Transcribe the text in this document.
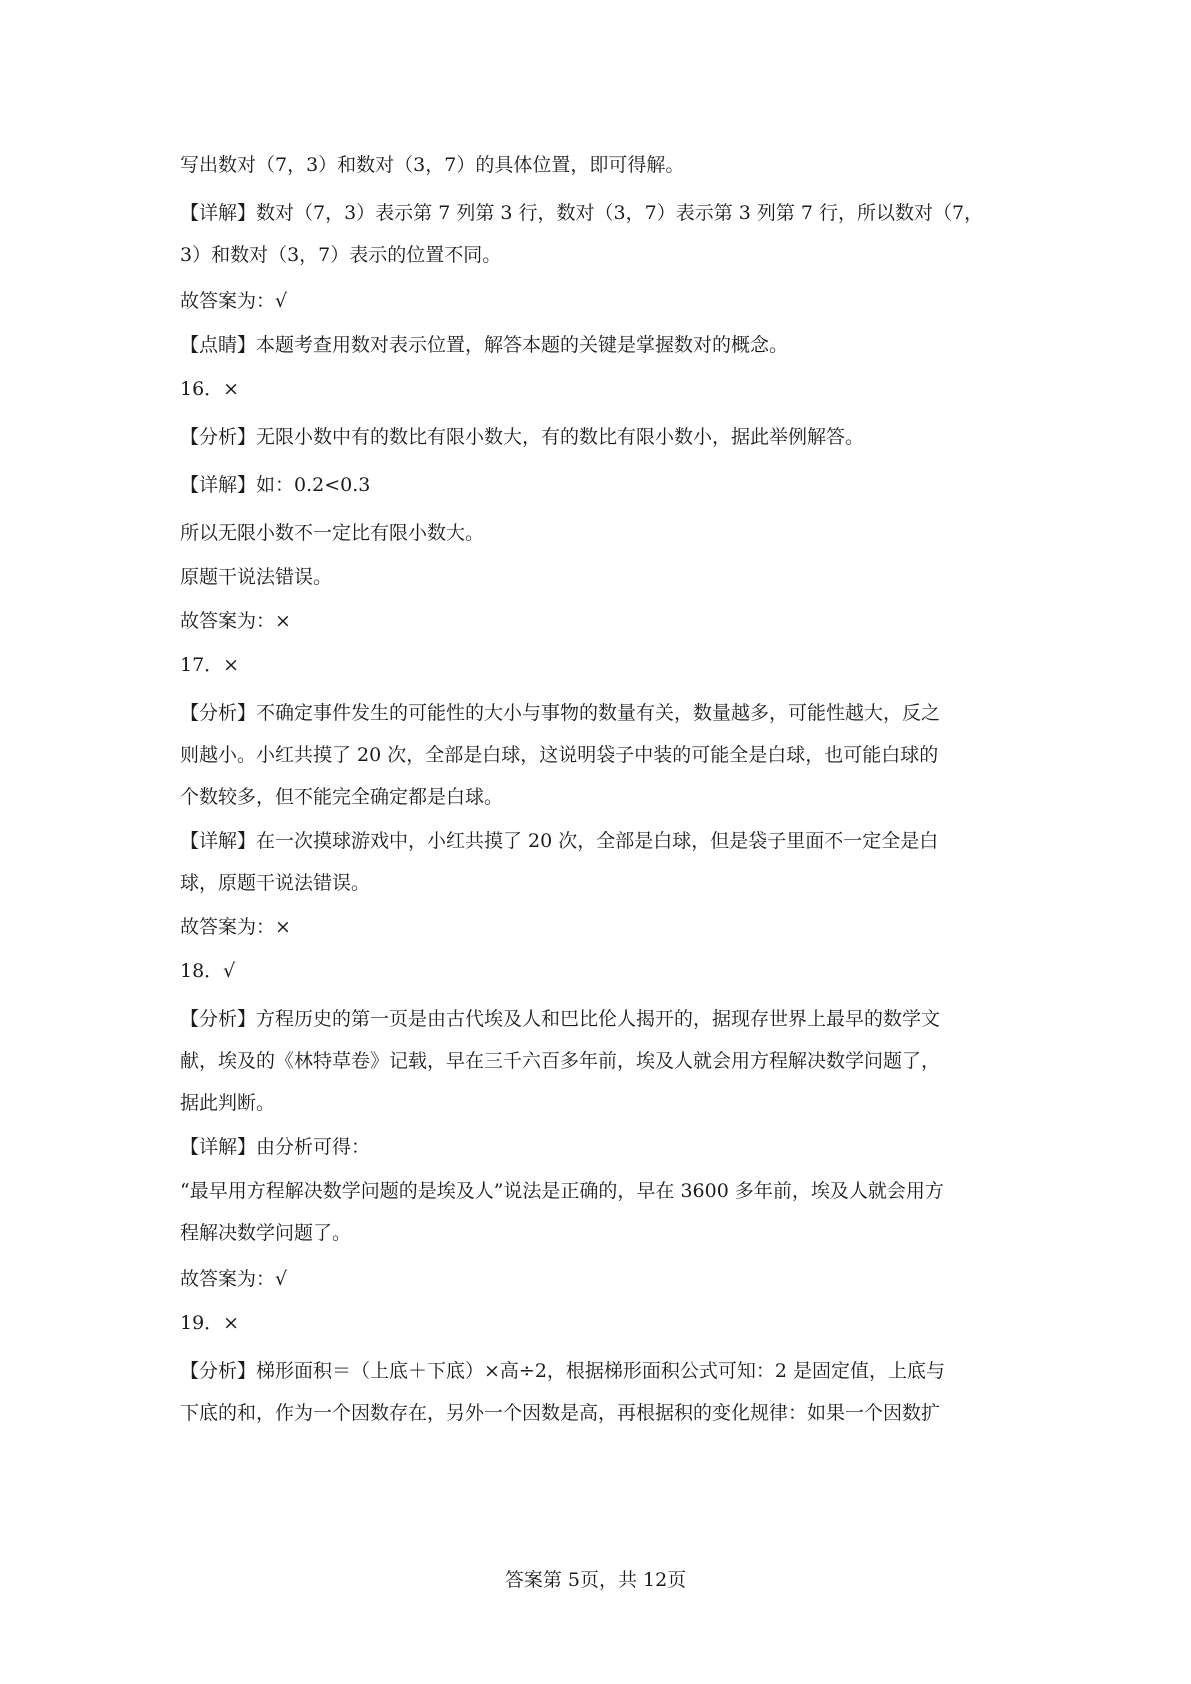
写出数对（7，3）和数对（3，7）的具体位置，即可得解。

【详解】数对（7，3）表示第 7 列第 3 行，数对（3，7）表示第 3 列第 7 行，所以数对（7，

3）和数对（3，7）表示的位置不同。

故答案为：√

【点睛】本题考查用数对表示位置，解答本题的关键是掌握数对的概念。

16．×

【分析】无限小数中有的数比有限小数大，有的数比有限小数小，据此举例解答。

【详解】如：0.2<0.3

所以无限小数不一定比有限小数大。

原题干说法错误。

故答案为：×

17．×

【分析】不确定事件发生的可能性的大小与事物的数量有关，数量越多，可能性越大，反之

则越小。小红共摸了 20 次，全部是白球，这说明袋子中装的可能全是白球，也可能白球的

个数较多，但不能完全确定都是白球。

【详解】在一次摸球游戏中，小红共摸了 20 次，全部是白球，但是袋子里面不一定全是白

球，原题干说法错误。

故答案为：×

18．√

【分析】方程历史的第一页是由古代埃及人和巴比伦人揭开的，据现存世界上最早的数学文

献，埃及的《林特草卷》记载，早在三千六百多年前，埃及人就会用方程解决数学问题了，

据此判断。

【详解】由分析可得：

“最早用方程解决数学问题的是埃及人”说法是正确的，早在 3600 多年前，埃及人就会用方

程解决数学问题了。

故答案为：√

19．×

【分析】梯形面积＝（上底＋下底）×高÷2，根据梯形面积公式可知：2 是固定值，上底与

下底的和，作为一个因数存在，另外一个因数是高，再根据积的变化规律：如果一个因数扩

答案第 5页，共 12页
